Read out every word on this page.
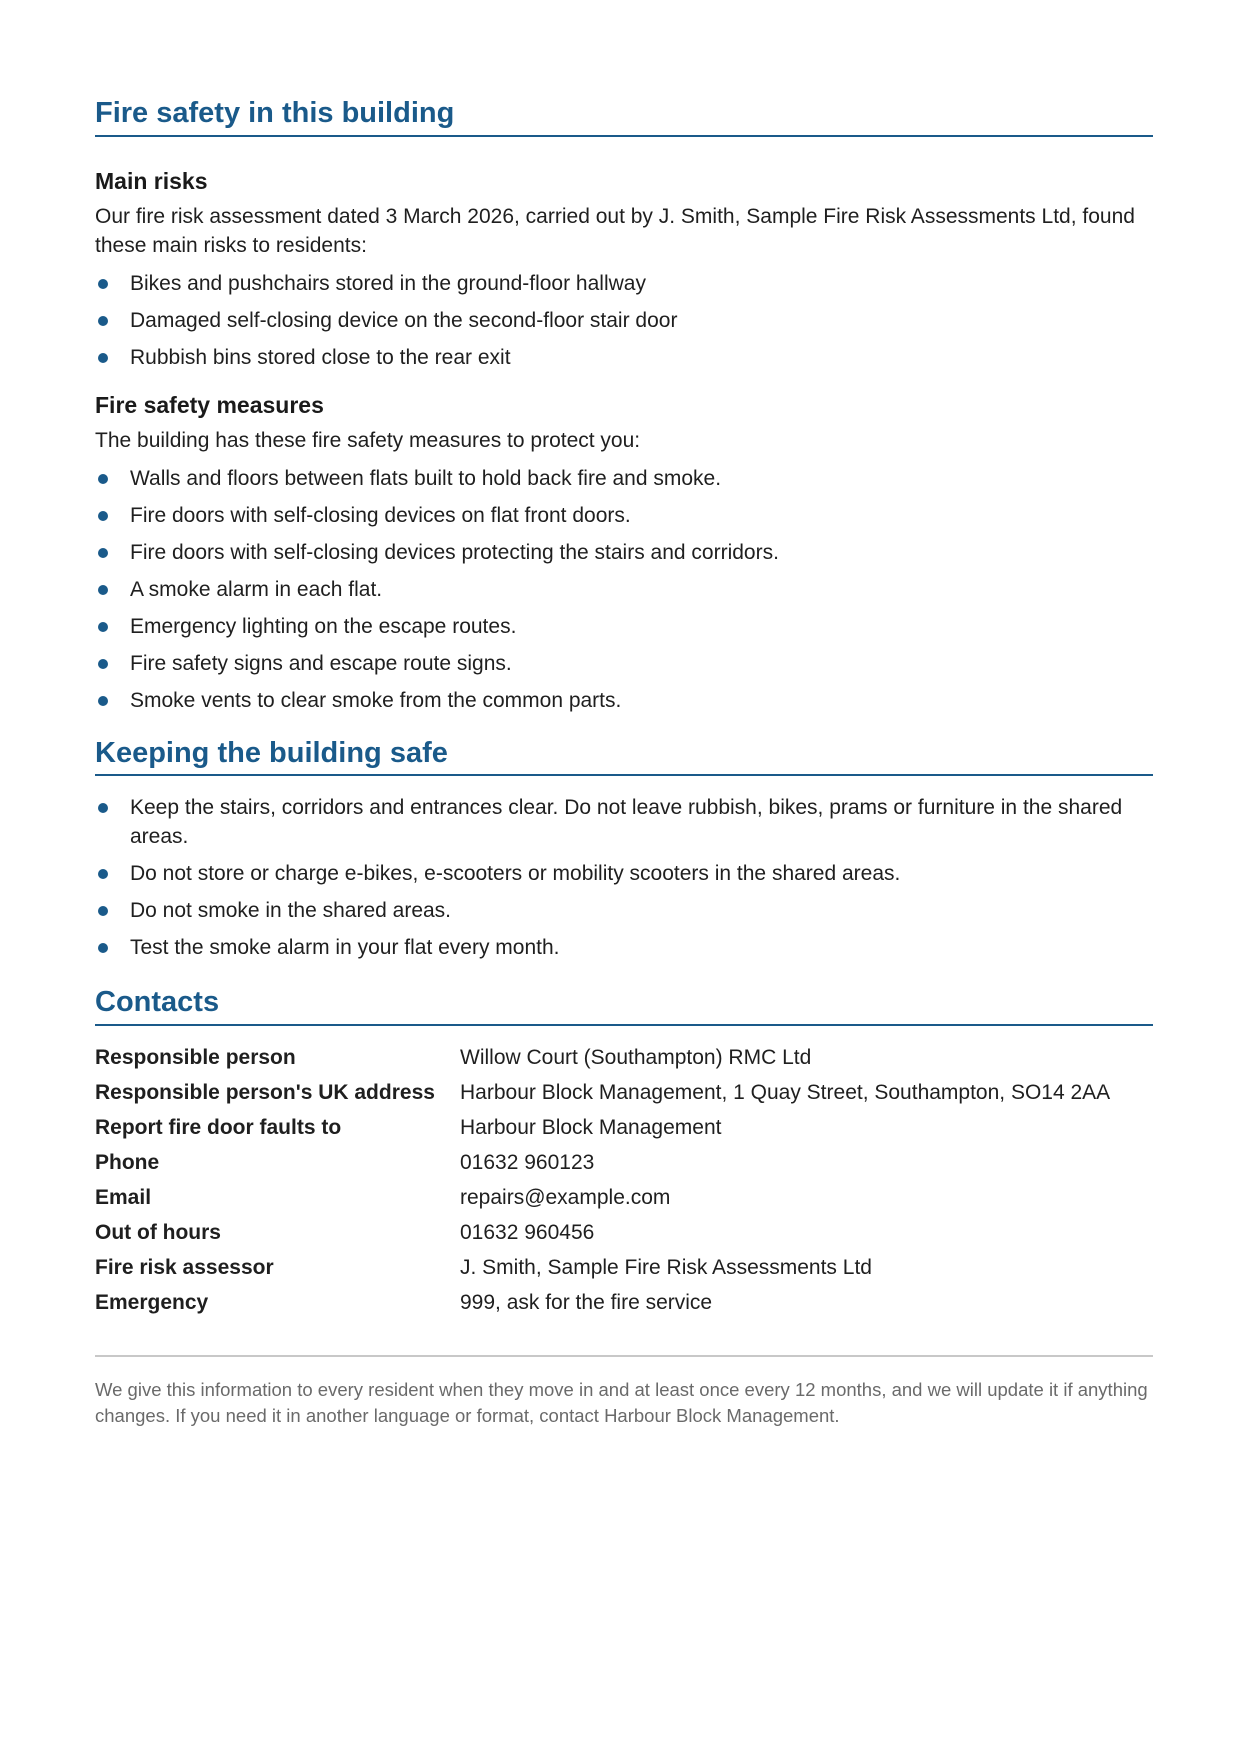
Fire safety in this building
Main risks

Our fire risk assessment dated 3 March 2026, carried out by J. Smith, Sample Fire Risk Assessments Ltd, found these main risks to residents:

Bikes and pushchairs stored in the ground-floor hallway
Damaged self-closing device on the second-floor stair door
Rubbish bins stored close to the rear exit
Fire safety measures

The building has these fire safety measures to protect you:

Walls and floors between flats built to hold back fire and smoke.
Fire doors with self-closing devices on flat front doors.
Fire doors with self-closing devices protecting the stairs and corridors.
A smoke alarm in each flat.
Emergency lighting on the escape routes.
Fire safety signs and escape route signs.
Smoke vents to clear smoke from the common parts.
Keeping the building safe
Keep the stairs, corridors and entrances clear. Do not leave rubbish, bikes, prams or furniture in the shared areas.
Do not store or charge e-bikes, e-scooters or mobility scooters in the shared areas.
Do not smoke in the shared areas.
Test the smoke alarm in your flat every month.
Contacts
Responsible person	Willow Court (Southampton) RMC Ltd
Responsible person's UK address	Harbour Block Management, 1 Quay Street, Southampton, SO14 2AA
Report fire door faults to	Harbour Block Management
Phone	01632 960123
Email	repairs@example.com
Out of hours	01632 960456
Fire risk assessor	J. Smith, Sample Fire Risk Assessments Ltd
Emergency	999, ask for the fire service

We give this information to every resident when they move in and at least once every 12 months, and we will update it if anything changes. If you need it in another language or format, contact Harbour Block Management.
